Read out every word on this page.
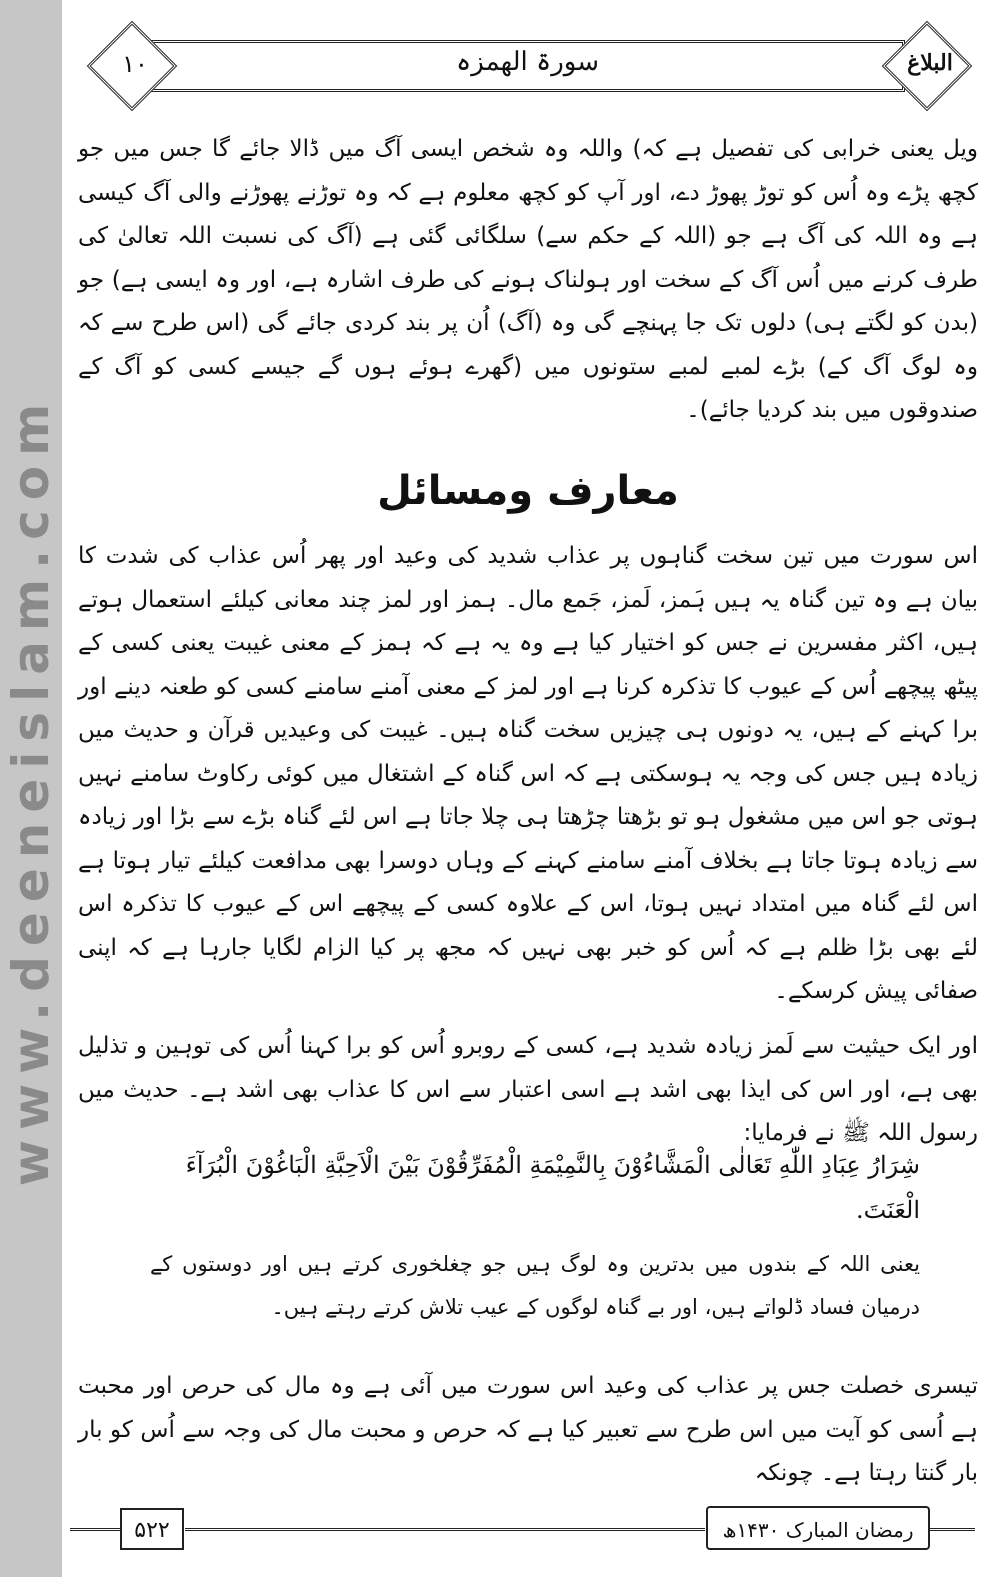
www.deeneislam.com
سورۃ الھمزہ
١٠	البلاغ
ویل یعنی خرابی کی تفصیل ہے کہ) واللہ وہ شخص ایسی آگ میں ڈالا جائے گا جس میں جو کچھ پڑے وہ اُس کو توڑ پھوڑ دے، اور آپ کو کچھ معلوم ہے کہ وہ توڑنے پھوڑنے والی آگ کیسی ہے وہ اللہ کی آگ ہے جو (اللہ کے حکم سے) سلگائی گئی ہے (آگ کی نسبت اللہ تعالیٰ کی طرف کرنے میں اُس آگ کے سخت اور ہولناک ہونے کی طرف اشارہ ہے، اور وہ ایسی ہے) جو (بدن کو لگتے ہی) دلوں تک جا پہنچے گی وہ (آگ) اُن پر بند کردی جائے گی (اس طرح سے کہ وہ لوگ آگ کے) بڑے لمبے لمبے ستونوں میں (گھرے ہوئے ہوں گے جیسے کسی کو آگ کے صندوقوں میں بند کردیا جائے)۔
معارف ومسائل
اس سورت میں تین سخت گناہوں پر عذاب شدید کی وعید اور پھر اُس عذاب کی شدت کا بیان ہے وہ تین گناہ یہ ہیں ہَمز، لَمز، جَمع مال۔ ہمز اور لمز چند معانی کیلئے استعمال ہوتے ہیں، اکثر مفسرین نے جس کو اختیار کیا ہے وہ یہ ہے کہ ہمز کے معنی غیبت یعنی کسی کے پیٹھ پیچھے اُس کے عیوب کا تذکرہ کرنا ہے اور لمز کے معنی آمنے سامنے کسی کو طعنہ دینے اور برا کہنے کے ہیں، یہ دونوں ہی چیزیں سخت گناہ ہیں۔ غیبت کی وعیدیں قرآن و حدیث میں زیادہ ہیں جس کی وجہ یہ ہوسکتی ہے کہ اس گناہ کے اشتغال میں کوئی رکاوٹ سامنے نہیں ہوتی جو اس میں مشغول ہو تو بڑھتا چڑھتا ہی چلا جاتا ہے اس لئے گناہ بڑے سے بڑا اور زیادہ سے زیادہ ہوتا جاتا ہے بخلاف آمنے سامنے کہنے کے وہاں دوسرا بھی مدافعت کیلئے تیار ہوتا ہے اس لئے گناہ میں امتداد نہیں ہوتا، اس کے علاوہ کسی کے پیچھے اس کے عیوب کا تذکرہ اس لئے بھی بڑا ظلم ہے کہ اُس کو خبر بھی نہیں کہ مجھ پر کیا الزام لگایا جارہا ہے کہ اپنی صفائی پیش کرسکے۔
اور ایک حیثیت سے لَمز زیادہ شدید ہے، کسی کے روبرو اُس کو برا کہنا اُس کی توہین و تذلیل بھی ہے، اور اس کی ایذا بھی اشد ہے اسی اعتبار سے اس کا عذاب بھی اشد ہے۔ حدیث میں رسول اللہ ﷺ نے فرمایا:
شِرَارُ عِبَادِ اللّٰهِ تَعَالٰی الْمَشَّاءُوْنَ بِالنَّمِیْمَةِ الْمُفَرِّقُوْنَ بَیْنَ الْاَحِبَّةِ الْبَاغُوْنَ الْبُرَآءَ الْعَنَتَ.
یعنی اللہ کے بندوں میں بدترین وہ لوگ ہیں جو چغلخوری کرتے ہیں اور دوستوں کے درمیان فساد ڈلواتے ہیں، اور بے گناہ لوگوں کے عیب تلاش کرتے رہتے ہیں۔
تیسری خصلت جس پر عذاب کی وعید اس سورت میں آئی ہے وہ مال کی حرص اور محبت ہے اُسی کو آیت میں اس طرح سے تعبیر کیا ہے کہ حرص و محبت مال کی وجہ سے اُس کو بار بار گنتا رہتا ہے۔ چونکہ
۵۲۲	رمضان المبارک ۱۴۳۰ھ
